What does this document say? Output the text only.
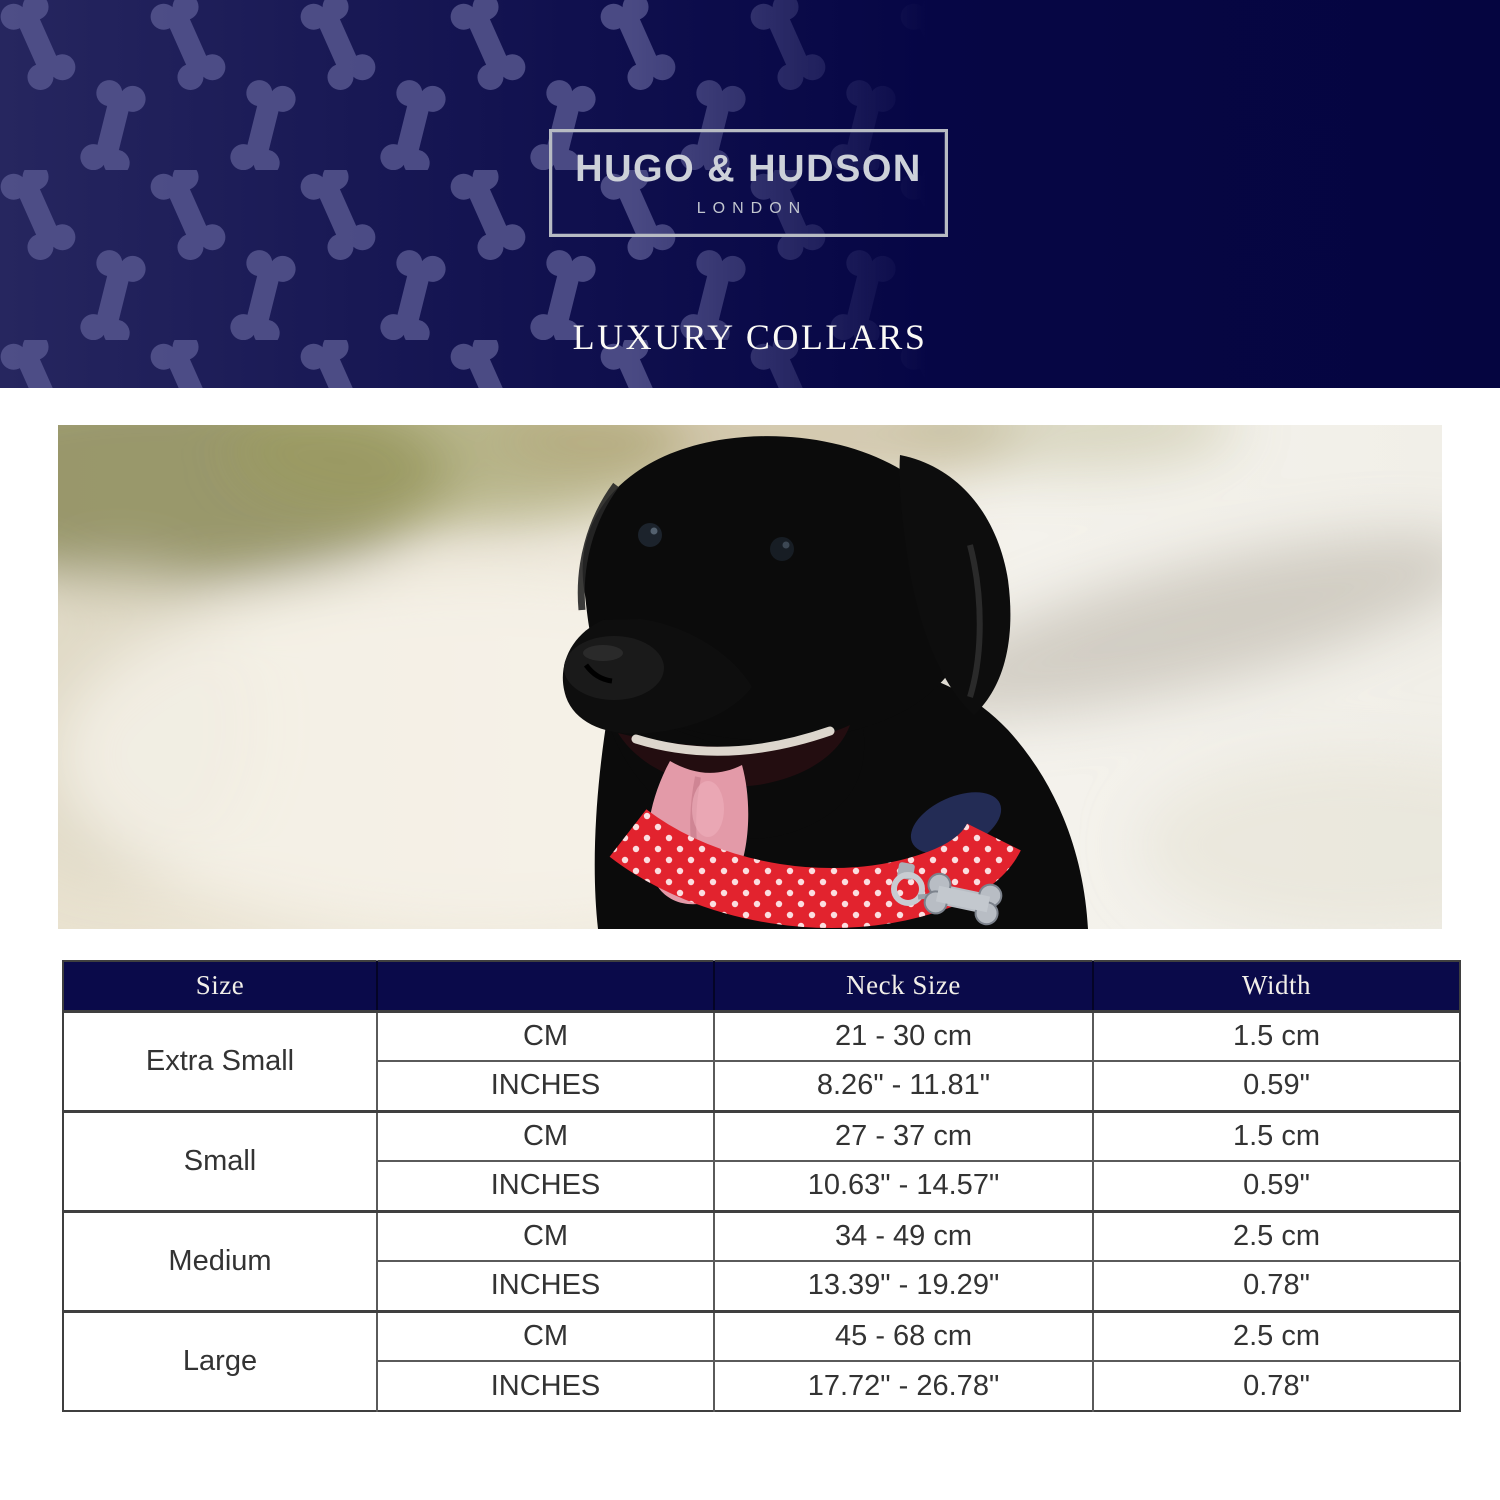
HUGO & HUDSON
LONDON
LUXURY COLLARS
Size		Neck Size	Width
Extra Small	CM	21 - 30 cm	1.5 cm
	INCHES	8.26" - 11.81"	0.59"
Small	CM	27 - 37 cm	1.5 cm
	INCHES	10.63" - 14.57"	0.59"
Medium	CM	34 - 49 cm	2.5 cm
	INCHES	13.39" - 19.29"	0.78"
Large	CM	45 - 68 cm	2.5 cm
	INCHES	17.72" - 26.78"	0.78"
